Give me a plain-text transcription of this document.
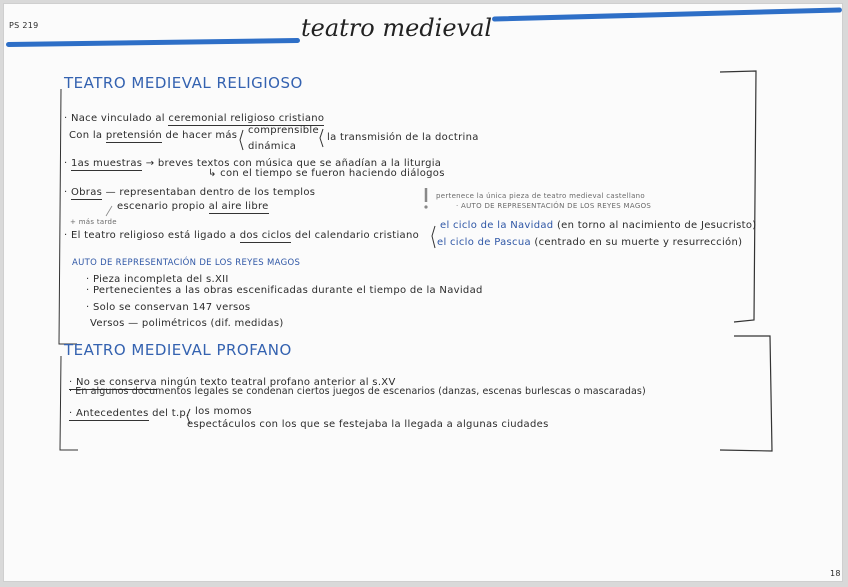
PS 219	teatro medieval
TEATRO MEDIEVAL RELIGIOSO
· Nace vinculado al ceremonial religioso cristiano
Con la pretensión de hacer más comprensible
dinámica
la transmisión de la doctrina
· 1as muestras → breves textos con música que se añadían a la liturgia
↳ con el tiempo se fueron haciendo diálogos
· Obras — representaban dentro de los templos
escenario propio al aire libre
+ más tarde
· El teatro religioso está ligado a dos ciclos del calendario cristiano
pertenece la única pieza de teatro medieval castellano
· AUTO DE REPRESENTACIÓN DE LOS REYES MAGOS
el ciclo de la Navidad (en torno al nacimiento de Jesucristo)
el ciclo de Pascua (centrado en su muerte y resurrección)
AUTO DE REPRESENTACIÓN DE LOS REYES MAGOS
· Pieza incompleta del s.XII
· Pertenecientes a las obras escenificadas durante el tiempo de la Navidad
· Solo se conservan 147 versos
Versos — polimétricos (dif. medidas)
TEATRO MEDIEVAL PROFANO
· No se conserva ningún texto teatral profano anterior al s.XV
· En algunos documentos legales se condenan ciertos juegos de escenarios (danzas, escenas burlescas o mascaradas)
· Antecedentes del t.p. los momos
espectáculos con los que se festejaba la llegada a algunas ciudades
18
